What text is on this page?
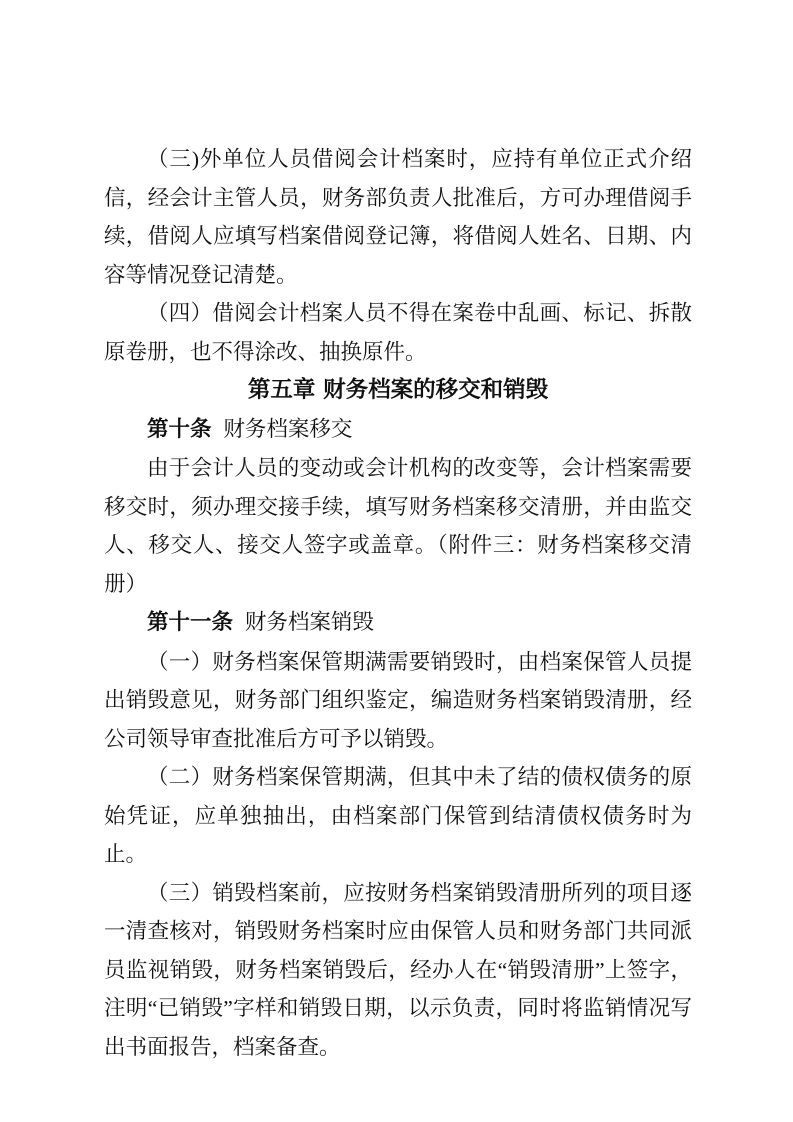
（三)外单位人员借阅会计档案时，应持有单位正式介绍信，经会计主管人员，财务部负责人批准后，方可办理借阅手续，借阅人应填写档案借阅登记簿，将借阅人姓名、日期、内容等情况登记清楚。

（四）借阅会计档案人员不得在案卷中乱画、标记、拆散原卷册，也不得涂改、抽换原件。

第五章 财务档案的移交和销毁

第十条 财务档案移交

由于会计人员的变动或会计机构的改变等，会计档案需要移交时，须办理交接手续，填写财务档案移交清册，并由监交人、移交人、接交人签字或盖章。（附件三：财务档案移交清册）

第十一条 财务档案销毁

（一）财务档案保管期满需要销毁时，由档案保管人员提出销毁意见，财务部门组织鉴定，编造财务档案销毁清册，经公司领导审查批准后方可予以销毁。

（二）财务档案保管期满，但其中未了结的债权债务的原始凭证，应单独抽出，由档案部门保管到结清债权债务时为止。

（三）销毁档案前，应按财务档案销毁清册所列的项目逐一清查核对，销毁财务档案时应由保管人员和财务部门共同派员监视销毁，财务档案销毁后，经办人在“销毁清册”上签字，注明“已销毁”字样和销毁日期，以示负责，同时将监销情况写出书面报告，档案备查。
